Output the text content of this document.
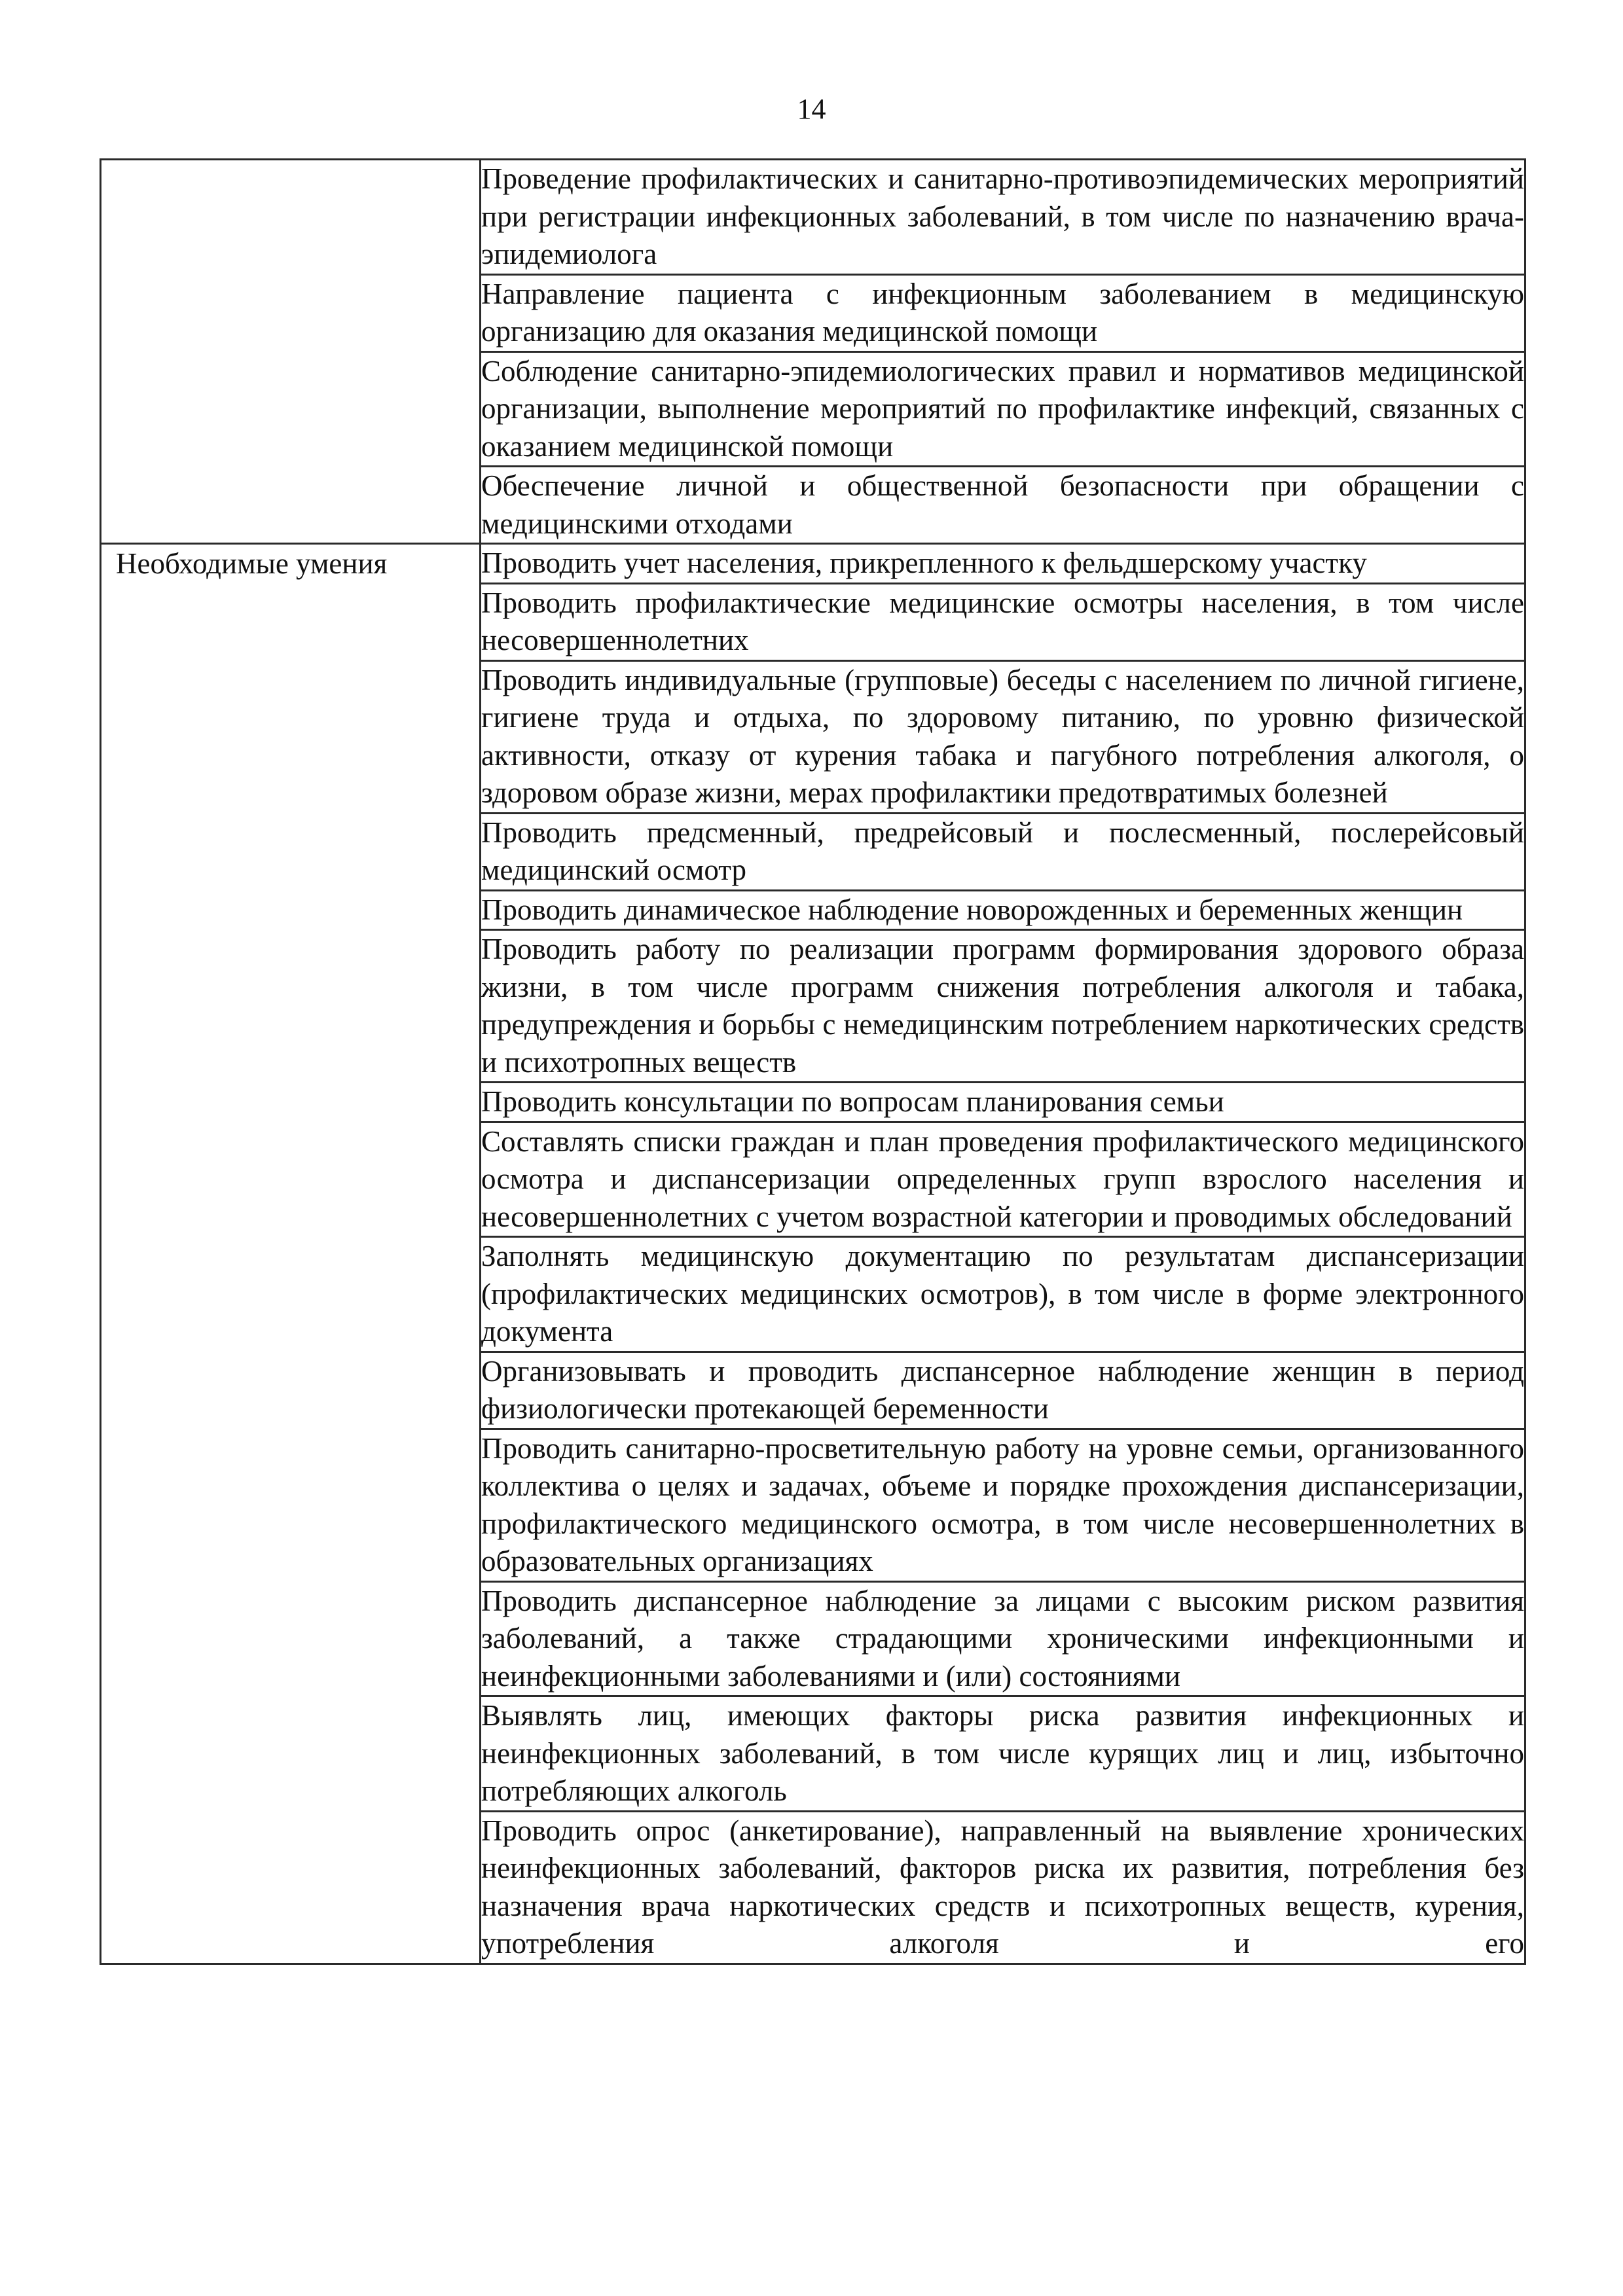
14

	Проведение профилактических и санитарно-противоэпидемических мероприятий при регистрации инфекционных заболеваний, в том числе по назначению врача-эпидемиолога

	Направление пациента с инфекционным заболеванием в медицинскую организацию для оказания медицинской помощи

	Соблюдение санитарно-эпидемиологических правил и нормативов медицинской организации, выполнение мероприятий по профилактике инфекций, связанных с оказанием медицинской помощи

	Обеспечение личной и общественной безопасности при обращении с медицинскими отходами

Необходимые умения	Проводить учет населения, прикрепленного к фельдшерскому участку

	Проводить профилактические медицинские осмотры населения, в том числе несовершеннолетних

	Проводить индивидуальные (групповые) беседы с населением по личной гигиене, гигиене труда и отдыха, по здоровому питанию, по уровню физической активности, отказу от курения табака и пагубного потребления алкоголя, о здоровом образе жизни, мерах профилактики предотвратимых болезней

	Проводить предсменный, предрейсовый и послесменный, послерейсовый медицинский осмотр

	Проводить динамическое наблюдение новорожденных и беременных женщин

	Проводить работу по реализации программ формирования здорового образа жизни, в том числе программ снижения потребления алкоголя и табака, предупреждения и борьбы с немедицинским потреблением наркотических средств и психотропных веществ

	Проводить консультации по вопросам планирования семьи

	Составлять списки граждан и план проведения профилактического медицинского осмотра и диспансеризации определенных групп взрослого населения и несовершеннолетних с учетом возрастной категории и проводимых обследований

	Заполнять медицинскую документацию по результатам диспансеризации (профилактических медицинских осмотров), в том числе в форме электронного документа

	Организовывать и проводить диспансерное наблюдение женщин в период физиологически протекающей беременности

	Проводить санитарно-просветительную работу на уровне семьи, организованного коллектива о целях и задачах, объеме и порядке прохождения диспансеризации, профилактического медицинского осмотра, в том числе несовершеннолетних в образовательных организациях

	Проводить диспансерное наблюдение за лицами с высоким риском развития заболеваний, а также страдающими хроническими инфекционными и неинфекционными заболеваниями и (или) состояниями

	Выявлять лиц, имеющих факторы риска развития инфекционных и неинфекционных заболеваний, в том числе курящих лиц и лиц, избыточно потребляющих алкоголь

	Проводить опрос (анкетирование), направленный на выявление хронических неинфекционных заболеваний, факторов риска их развития, потребления без назначения врача наркотических средств и психотропных веществ, курения, употребления алкоголя и его
